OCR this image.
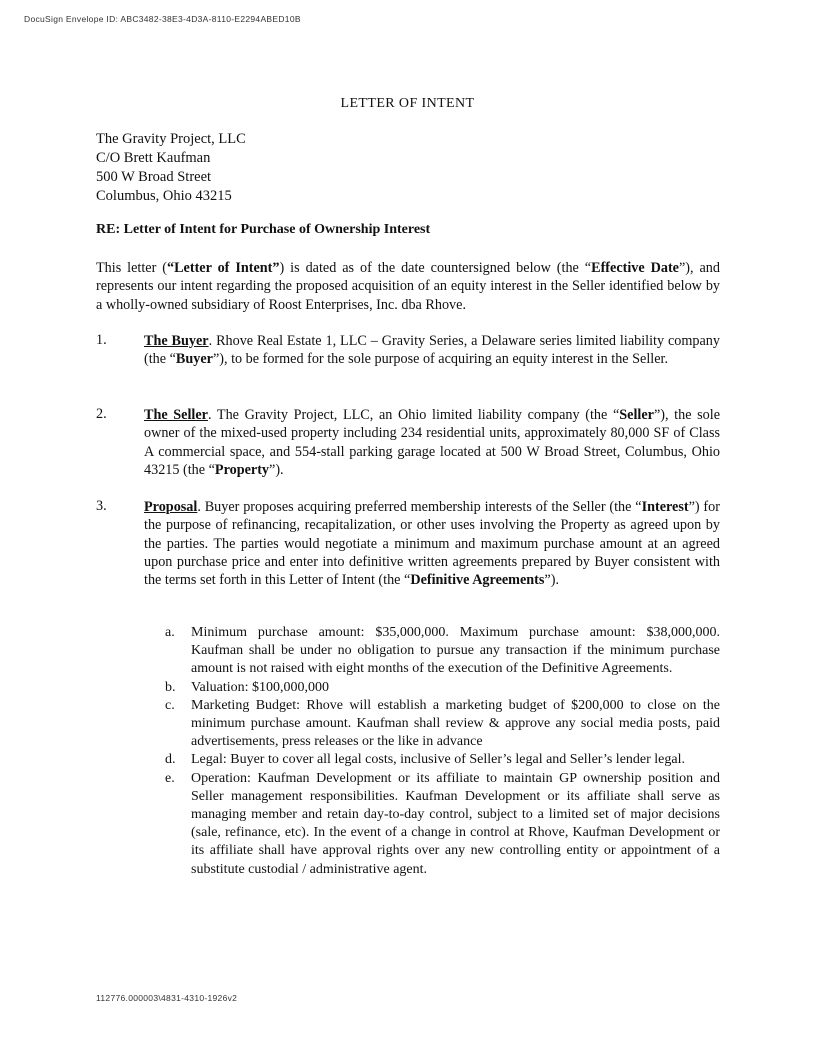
DocuSign Envelope ID: ABC3482-38E3-4D3A-8110-E2294ABED10B
LETTER OF INTENT
The Gravity Project, LLC
C/O Brett Kaufman
500 W Broad Street
Columbus, Ohio 43215
RE: Letter of Intent for Purchase of Ownership Interest
This letter (“Letter of Intent”) is dated as of the date countersigned below (the “Effective Date”), and represents our intent regarding the proposed acquisition of an equity interest in the Seller identified below by a wholly-owned subsidiary of Roost Enterprises, Inc. dba Rhove.
1.	The Buyer. Rhove Real Estate 1, LLC – Gravity Series, a Delaware series limited liability company (the “Buyer”), to be formed for the sole purpose of acquiring an equity interest in the Seller.
2.	The Seller. The Gravity Project, LLC, an Ohio limited liability company (the “Seller”), the sole owner of the mixed-used property including 234 residential units, approximately 80,000 SF of Class A commercial space, and 554-stall parking garage located at 500 W Broad Street, Columbus, Ohio 43215 (the “Property”).
3.	Proposal. Buyer proposes acquiring preferred membership interests of the Seller (the “Interest”) for the purpose of refinancing, recapitalization, or other uses involving the Property as agreed upon by the parties. The parties would negotiate a minimum and maximum purchase amount at an agreed upon purchase price and enter into definitive written agreements prepared by Buyer consistent with the terms set forth in this Letter of Intent (the “Definitive Agreements”).
a. Minimum purchase amount: $35,000,000. Maximum purchase amount: $38,000,000. Kaufman shall be under no obligation to pursue any transaction if the minimum purchase amount is not raised with eight months of the execution of the Definitive Agreements.
b. Valuation: $100,000,000
c. Marketing Budget: Rhove will establish a marketing budget of $200,000 to close on the minimum purchase amount. Kaufman shall review & approve any social media posts, paid advertisements, press releases or the like in advance
d. Legal: Buyer to cover all legal costs, inclusive of Seller’s legal and Seller’s lender legal.
e. Operation: Kaufman Development or its affiliate to maintain GP ownership position and Seller management responsibilities. Kaufman Development or its affiliate shall serve as managing member and retain day-to-day control, subject to a limited set of major decisions (sale, refinance, etc). In the event of a change in control at Rhove, Kaufman Development or its affiliate shall have approval rights over any new controlling entity or appointment of a substitute custodial / administrative agent.
112776.000003\4831-4310-1926v2
